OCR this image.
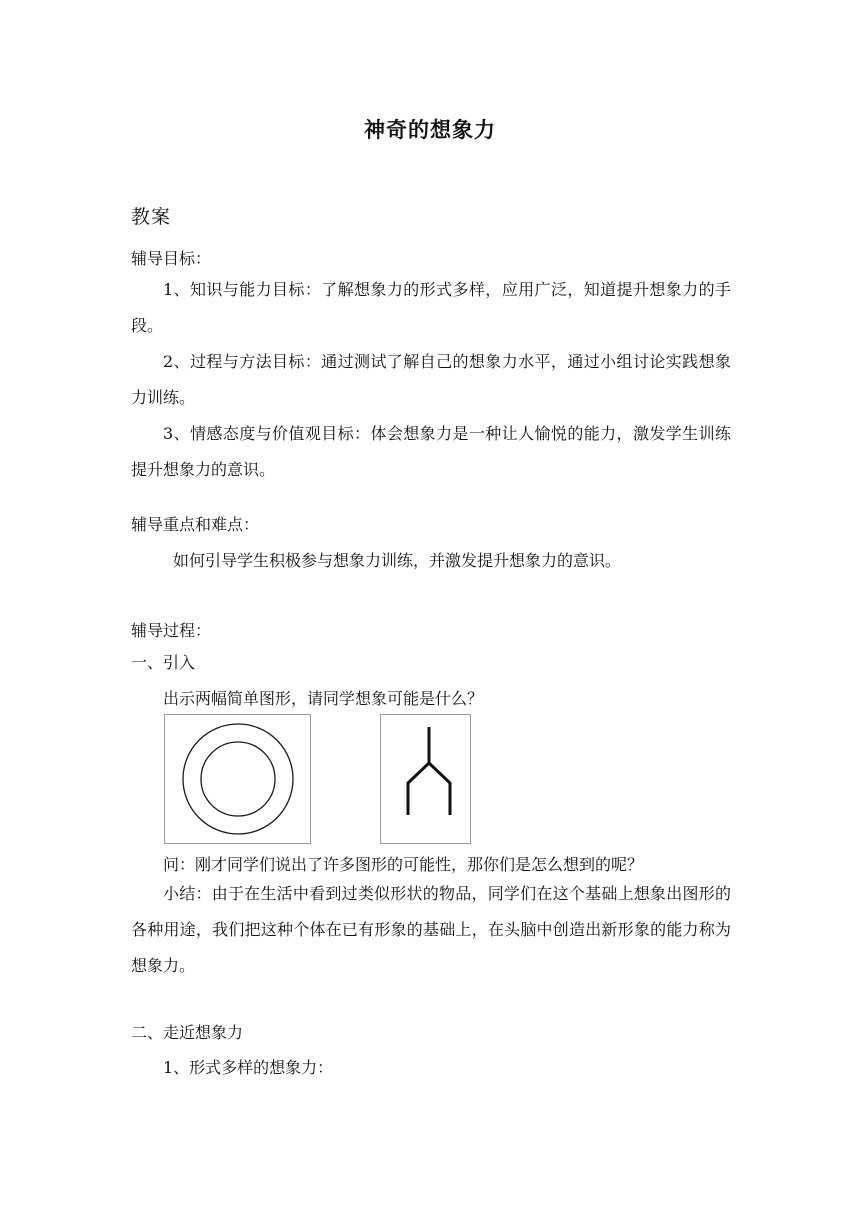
神奇的想象力
教案
辅导目标：

1、知识与能力目标：了解想象力的形式多样，应用广泛，知道提升想象力的手段。

2、过程与方法目标：通过测试了解自己的想象力水平，通过小组讨论实践想象力训练。

3、情感态度与价值观目标：体会想象力是一种让人愉悦的能力，激发学生训练提升想象力的意识。

辅导重点和难点：
如何引导学生积极参与想象力训练，并激发提升想象力的意识。
辅导过程：
一、引入
出示两幅简单图形，请同学想象可能是什么？
问：刚才同学们说出了许多图形的可能性，那你们是怎么想到的呢？

小结：由于在生活中看到过类似形状的物品，同学们在这个基础上想象出图形的各种用途，我们把这种个体在已有形象的基础上，在头脑中创造出新形象的能力称为想象力。

二、走近想象力
1、形式多样的想象力：
